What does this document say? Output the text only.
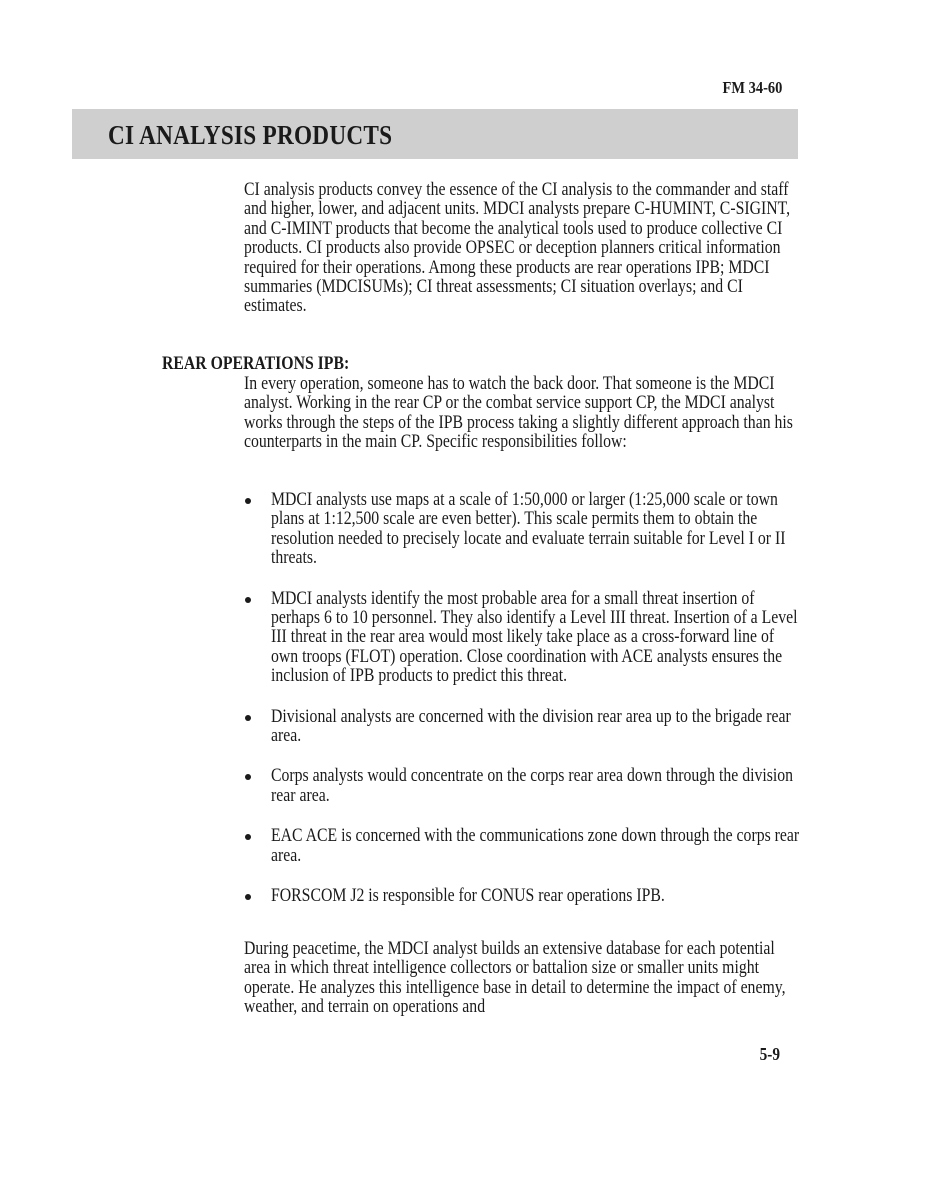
FM 34-60
CI ANALYSIS PRODUCTS

CI analysis products convey the essence of the CI analysis to the commander and staff and higher, lower, and adjacent units. MDCI analysts prepare C-HUMINT, C-SIGINT, and C-IMINT products that become the analytical tools used to produce collective CI products. CI products also provide OPSEC or deception planners critical information required for their operations. Among these products are rear operations IPB; MDCI summaries (MDCISUMs); CI threat assessments; CI situation overlays; and CI estimates.

REAR OPERATIONS IPB:

In every operation, someone has to watch the back door. That someone is the MDCI analyst. Working in the rear CP or the combat service support CP, the MDCI analyst works through the steps of the IPB process taking a slightly different approach than his counterparts in the main CP. Specific responsibilities follow:

MDCI analysts use maps at a scale of 1:50,000 or larger (1:25,000 scale or town plans at 1:12,500 scale are even better). This scale permits them to obtain the resolution needed to precisely locate and evaluate terrain suitable for Level I or II threats.
MDCI analysts identify the most probable area for a small threat insertion of perhaps 6 to 10 personnel. They also identify a Level III threat. Insertion of a Level III threat in the rear area would most likely take place as a cross-forward line of own troops (FLOT) operation. Close coordination with ACE analysts ensures the inclusion of IPB products to predict this threat.
Divisional analysts are concerned with the division rear area up to the brigade rear area.
Corps analysts would concentrate on the corps rear area down through the division rear area.
EAC ACE is concerned with the communications zone down through the corps rear area.
FORSCOM J2 is responsible for CONUS rear operations IPB.

During peacetime, the MDCI analyst builds an extensive database for each potential area in which threat intelligence collectors or battalion size or smaller units might operate. He analyzes this intelligence base in detail to determine the impact of enemy, weather, and terrain on operations and

5-9
